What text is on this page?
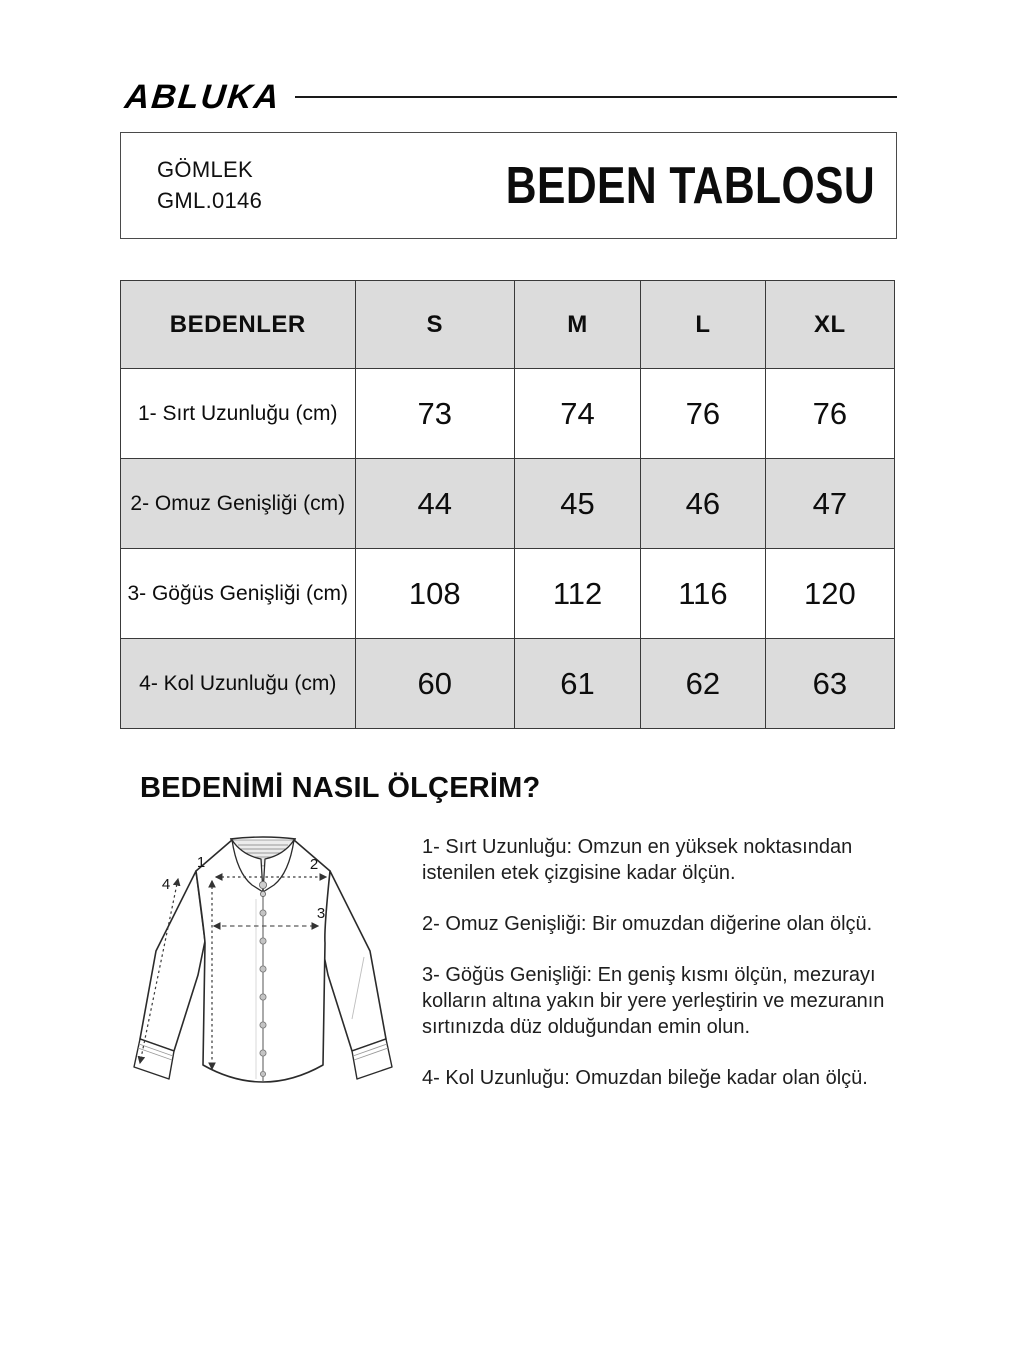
ABLUKA
GÖMLEK
GML.0146	BEDEN TABLOSU
BEDENLER	S	M	L	XL
1- Sırt Uzunluğu (cm)	73	74	76	76
2- Omuz Genişliği (cm)	44	45	46	47
3- Göğüs Genişliği (cm)	108	112	116	120
4- Kol Uzunluğu (cm)	60	61	62	63
BEDENİMİ NASIL ÖLÇERİM?
1	2
3
4

1- Sırt Uzunluğu: Omzun en yüksek noktasından istenilen etek çizgisine kadar ölçün.

2- Omuz Genişliği: Bir omuzdan diğerine olan ölçü.

3- Göğüs Genişliği: En geniş kısmı ölçün, mezurayı kolların altına yakın bir yere yerleştirin ve mezuranın sırtınızda düz olduğundan emin olun.

4- Kol Uzunluğu: Omuzdan bileğe kadar olan ölçü.
